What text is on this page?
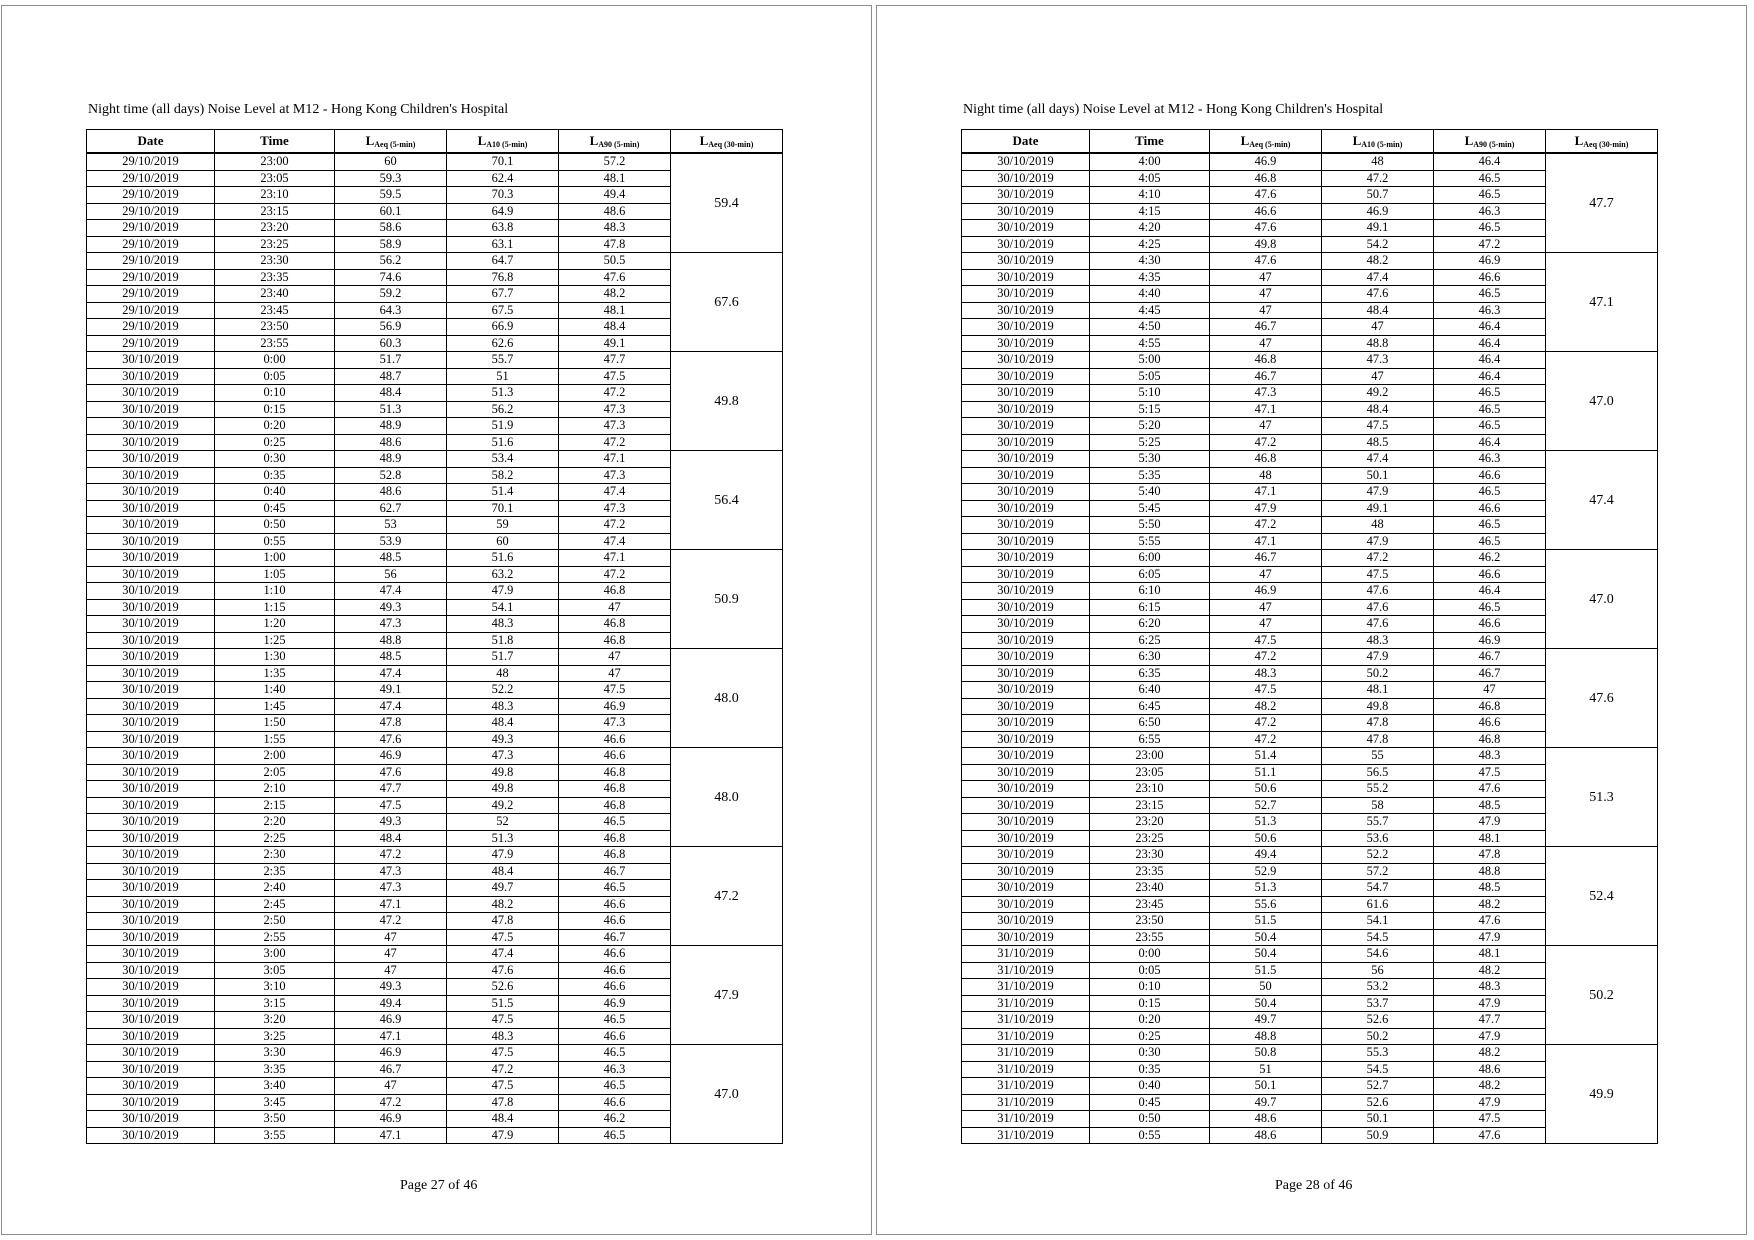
Night time (all days) Noise Level at M12 - Hong Kong Children's Hospital
Date	Time	$L_{Aeq (5-min)}$	$L_{A10 (5-min)}$	$L_{A90 (5-min)}$	$L_{Aeq (30-min)}$
29/10/2019	23:00	60	70.1	57.2	59.4
29/10/2019	23:05	59.3	62.4	48.1	
29/10/2019	23:10	59.5	70.3	49.4	
29/10/2019	23:15	60.1	64.9	48.6	
29/10/2019	23:20	58.6	63.8	48.3	
29/10/2019	23:25	58.9	63.1	47.8	
29/10/2019	23:30	56.2	64.7	50.5	67.6
29/10/2019	23:35	74.6	76.8	47.6	
29/10/2019	23:40	59.2	67.7	48.2	
29/10/2019	23:45	64.3	67.5	48.1	
29/10/2019	23:50	56.9	66.9	48.4	
29/10/2019	23:55	60.3	62.6	49.1	
30/10/2019	0:00	51.7	55.7	47.7	49.8
30/10/2019	0:05	48.7	51	47.5	
30/10/2019	0:10	48.4	51.3	47.2	
30/10/2019	0:15	51.3	56.2	47.3	
30/10/2019	0:20	48.9	51.9	47.3	
30/10/2019	0:25	48.6	51.6	47.2	
30/10/2019	0:30	48.9	53.4	47.1	56.4
30/10/2019	0:35	52.8	58.2	47.3	
30/10/2019	0:40	48.6	51.4	47.4	
30/10/2019	0:45	62.7	70.1	47.3	
30/10/2019	0:50	53	59	47.2	
30/10/2019	0:55	53.9	60	47.4	
30/10/2019	1:00	48.5	51.6	47.1	50.9
30/10/2019	1:05	56	63.2	47.2	
30/10/2019	1:10	47.4	47.9	46.8	
30/10/2019	1:15	49.3	54.1	47	
30/10/2019	1:20	47.3	48.3	46.8	
30/10/2019	1:25	48.8	51.8	46.8	
30/10/2019	1:30	48.5	51.7	47	48.0
30/10/2019	1:35	47.4	48	47	
30/10/2019	1:40	49.1	52.2	47.5	
30/10/2019	1:45	47.4	48.3	46.9	
30/10/2019	1:50	47.8	48.4	47.3	
30/10/2019	1:55	47.6	49.3	46.6	
30/10/2019	2:00	46.9	47.3	46.6	48.0
30/10/2019	2:05	47.6	49.8	46.8	
30/10/2019	2:10	47.7	49.8	46.8	
30/10/2019	2:15	47.5	49.2	46.8	
30/10/2019	2:20	49.3	52	46.5	
30/10/2019	2:25	48.4	51.3	46.8	
30/10/2019	2:30	47.2	47.9	46.8	47.2
30/10/2019	2:35	47.3	48.4	46.7	
30/10/2019	2:40	47.3	49.7	46.5	
30/10/2019	2:45	47.1	48.2	46.6	
30/10/2019	2:50	47.2	47.8	46.6	
30/10/2019	2:55	47	47.5	46.7	
30/10/2019	3:00	47	47.4	46.6	47.9
30/10/2019	3:05	47	47.6	46.6	
30/10/2019	3:10	49.3	52.6	46.6	
30/10/2019	3:15	49.4	51.5	46.9	
30/10/2019	3:20	46.9	47.5	46.5	
30/10/2019	3:25	47.1	48.3	46.6	
30/10/2019	3:30	46.9	47.5	46.5	47.0
30/10/2019	3:35	46.7	47.2	46.3	
30/10/2019	3:40	47	47.5	46.5	
30/10/2019	3:45	47.2	47.8	46.6	
30/10/2019	3:50	46.9	48.4	46.2	
30/10/2019	3:55	47.1	47.9	46.5	
Page 27 of 46
Night time (all days) Noise Level at M12 - Hong Kong Children's Hospital
Date	Time	$L_{Aeq (5-min)}$	$L_{A10 (5-min)}$	$L_{A90 (5-min)}$	$L_{Aeq (30-min)}$
30/10/2019	4:00	46.9	48	46.4	47.7
30/10/2019	4:05	46.8	47.2	46.5	
30/10/2019	4:10	47.6	50.7	46.5	
30/10/2019	4:15	46.6	46.9	46.3	
30/10/2019	4:20	47.6	49.1	46.5	
30/10/2019	4:25	49.8	54.2	47.2	
30/10/2019	4:30	47.6	48.2	46.9	47.1
30/10/2019	4:35	47	47.4	46.6	
30/10/2019	4:40	47	47.6	46.5	
30/10/2019	4:45	47	48.4	46.3	
30/10/2019	4:50	46.7	47	46.4	
30/10/2019	4:55	47	48.8	46.4	
30/10/2019	5:00	46.8	47.3	46.4	47.0
30/10/2019	5:05	46.7	47	46.4	
30/10/2019	5:10	47.3	49.2	46.5	
30/10/2019	5:15	47.1	48.4	46.5	
30/10/2019	5:20	47	47.5	46.5	
30/10/2019	5:25	47.2	48.5	46.4	
30/10/2019	5:30	46.8	47.4	46.3	47.4
30/10/2019	5:35	48	50.1	46.6	
30/10/2019	5:40	47.1	47.9	46.5	
30/10/2019	5:45	47.9	49.1	46.6	
30/10/2019	5:50	47.2	48	46.5	
30/10/2019	5:55	47.1	47.9	46.5	
30/10/2019	6:00	46.7	47.2	46.2	47.0
30/10/2019	6:05	47	47.5	46.6	
30/10/2019	6:10	46.9	47.6	46.4	
30/10/2019	6:15	47	47.6	46.5	
30/10/2019	6:20	47	47.6	46.6	
30/10/2019	6:25	47.5	48.3	46.9	
30/10/2019	6:30	47.2	47.9	46.7	47.6
30/10/2019	6:35	48.3	50.2	46.7	
30/10/2019	6:40	47.5	48.1	47	
30/10/2019	6:45	48.2	49.8	46.8	
30/10/2019	6:50	47.2	47.8	46.6	
30/10/2019	6:55	47.2	47.8	46.8	
30/10/2019	23:00	51.4	55	48.3	51.3
30/10/2019	23:05	51.1	56.5	47.5	
30/10/2019	23:10	50.6	55.2	47.6	
30/10/2019	23:15	52.7	58	48.5	
30/10/2019	23:20	51.3	55.7	47.9	
30/10/2019	23:25	50.6	53.6	48.1	
30/10/2019	23:30	49.4	52.2	47.8	52.4
30/10/2019	23:35	52.9	57.2	48.8	
30/10/2019	23:40	51.3	54.7	48.5	
30/10/2019	23:45	55.6	61.6	48.2	
30/10/2019	23:50	51.5	54.1	47.6	
30/10/2019	23:55	50.4	54.5	47.9	
31/10/2019	0:00	50.4	54.6	48.1	50.2
31/10/2019	0:05	51.5	56	48.2	
31/10/2019	0:10	50	53.2	48.3	
31/10/2019	0:15	50.4	53.7	47.9	
31/10/2019	0:20	49.7	52.6	47.7	
31/10/2019	0:25	48.8	50.2	47.9	
31/10/2019	0:30	50.8	55.3	48.2	49.9
31/10/2019	0:35	51	54.5	48.6	
31/10/2019	0:40	50.1	52.7	48.2	
31/10/2019	0:45	49.7	52.6	47.9	
31/10/2019	0:50	48.6	50.1	47.5	
31/10/2019	0:55	48.6	50.9	47.6	
Page 28 of 46
